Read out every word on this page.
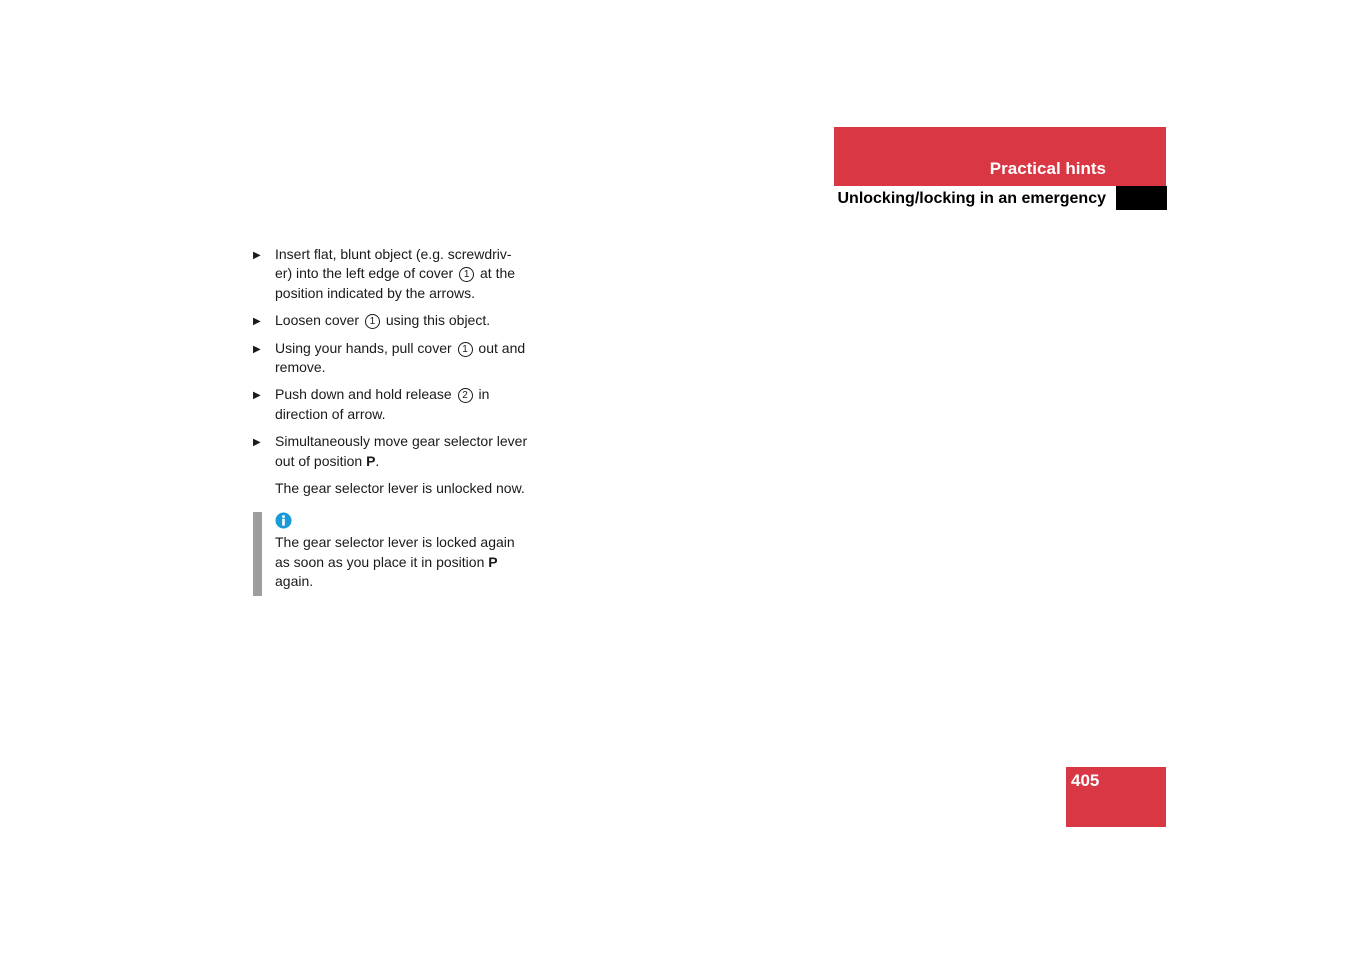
Practical hints
Unlocking/locking in an emergency
▶ Insert flat, blunt object (e.g. screwdriv-
er) into the left edge of cover 1 at the
position indicated by the arrows.
▶ Loosen cover 1 using this object.
▶ Using your hands, pull cover 1 out and remove.
▶ Push down and hold release 2 in direction of arrow.
▶ Simultaneously move gear selector lever out of position P.
The gear selector lever is unlocked now.
The gear selector lever is locked again as soon as you place it in position P again.
405
